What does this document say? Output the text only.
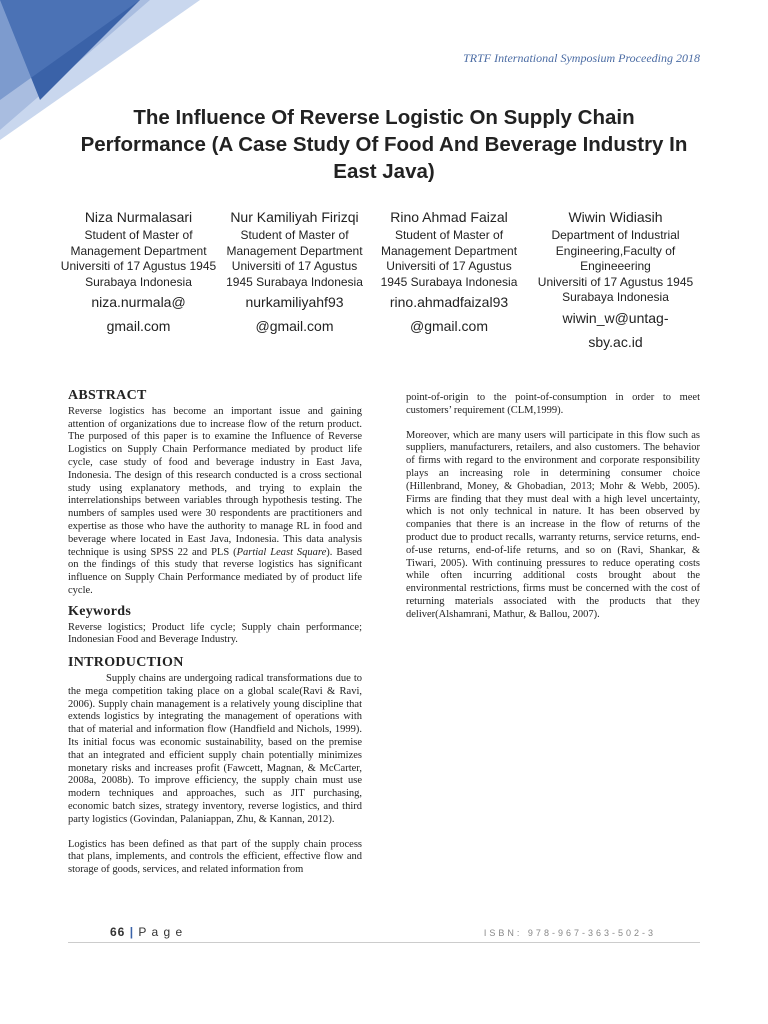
TRTF International Symposium Proceeding 2018
The Influence Of Reverse Logistic On Supply Chain Performance (A Case Study Of Food And Beverage Industry In East Java)
Niza Nurmalasari
Student of Master of
Management Department
Universiti of 17 Agustus 1945
Surabaya Indonesia
niza.nurmala@
gmail.com
Nur Kamiliyah Firizqi
Student of Master of
Management Department
Universiti of 17 Agustus
1945 Surabaya Indonesia
nurkamiliyahf93
@gmail.com
Rino Ahmad Faizal
Student of Master of
Management Department
Universiti of 17 Agustus
1945 Surabaya Indonesia
rino.ahmadfaizal93
@gmail.com
Wiwin Widiasih
Department of Industrial
Engineering,Faculty of
Engineeering
Universiti of 17 Agustus 1945
Surabaya Indonesia
wiwin_w@untag-
sby.ac.id
ABSTRACT

Reverse logistics has become an important issue and gaining attention of organizations due to increase flow of the return product. The purposed of this paper is to examine the Influence of Reverse Logistics on Supply Chain Performance mediated by product life cycle, case study of food and beverage industry in East Java, Indonesia. The design of this research conducted is a cross sectional study using explanatory methods, and trying to explain the interrelationships between variables through hypothesis testing. The numbers of samples used were 30 respondents are practitioners and expertise as those who have the authority to manage RL in food and beverage where located in East Java, Indonesia. This data analysis technique is using SPSS 22 and PLS (Partial Least Square). Based on the findings of this study that reverse logistics has significant influence on Supply Chain Performance mediated by of product life cycle.

Keywords

Reverse logistics; Product life cycle; Supply chain performance; Indonesian Food and Beverage Industry.

INTRODUCTION

Supply chains are undergoing radical transformations due to the mega competition taking place on a global scale(Ravi & Ravi, 2006). Supply chain management is a relatively young discipline that extends logistics by integrating the management of operations with that of material and information flow (Handfield and Nichols, 1999). Its initial focus was economic sustainability, based on the premise that an integrated and efficient supply chain potentially minimizes monetary risks and increases profit (Fawcett, Magnan, & McCarter, 2008a, 2008b). To improve efficiency, the supply chain must use modern techniques and approaches, such as JIT purchasing, economic batch sizes, strategy inventory, reverse logistics, and third party logistics (Govindan, Palaniappan, Zhu, & Kannan, 2012).

Logistics has been defined as that part of the supply chain process that plans, implements, and controls the efficient, effective flow and storage of goods, services, and related information from

point-of-origin to the point-of-consumption in order to meet customers’ requirement (CLM,1999).

Moreover, which are many users will participate in this flow such as suppliers, manufacturers, retailers, and also customers. The behavior of firms with regard to the environment and corporate responsibility plays an increasing role in determining consumer choice (Hillenbrand, Money, & Ghobadian, 2013; Mohr & Webb, 2005). Firms are finding that they must deal with a high level uncertainty, which is not only technical in nature. It has been observed by companies that there is an increase in the flow of returns of the product due to product recalls, warranty returns, service returns, end-of-use returns, end-of-life returns, and so on (Ravi, Shankar, & Tiwari, 2005). With continuing pressures to reduce operating costs while often incurring additional costs brought about the environmental restrictions, firms must be concerned with the cost of returning materials associated with the products that they deliver(Alshamrani, Mathur, & Ballou, 2007).

66 | P a g e	ISBN: 978-967-363-502-3
